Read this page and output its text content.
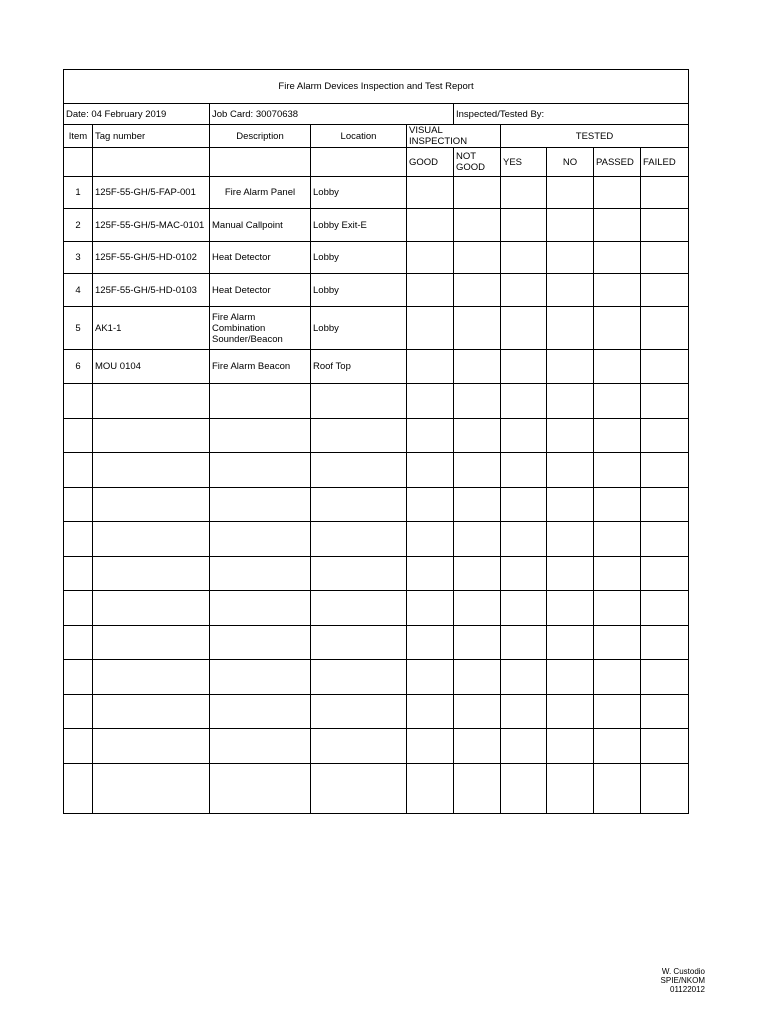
Fire Alarm Devices Inspection and Test Report									
Date: 04 February 2019		Job Card: 30070638			Inspected/Tested By:				
Item	Tag number	Description	Location	VISUAL INSPECTION		TESTED			
				GOOD	NOT GOOD	YES	NO	PASSED	FAILED
1	125F-55-GH/5-FAP-001	Fire Alarm Panel	Lobby						
2	125F-55-GH/5-MAC-0101	Manual Callpoint	Lobby Exit-E						
3	125F-55-GH/5-HD-0102	Heat Detector	Lobby						
4	125F-55-GH/5-HD-0103	Heat Detector	Lobby						
5	AK1-1	Fire Alarm Combination Sounder/Beacon	Lobby						
6	MOU 0104	Fire Alarm Beacon	Roof Top						

W. Custodio
SPIE/NKOM
01122012
